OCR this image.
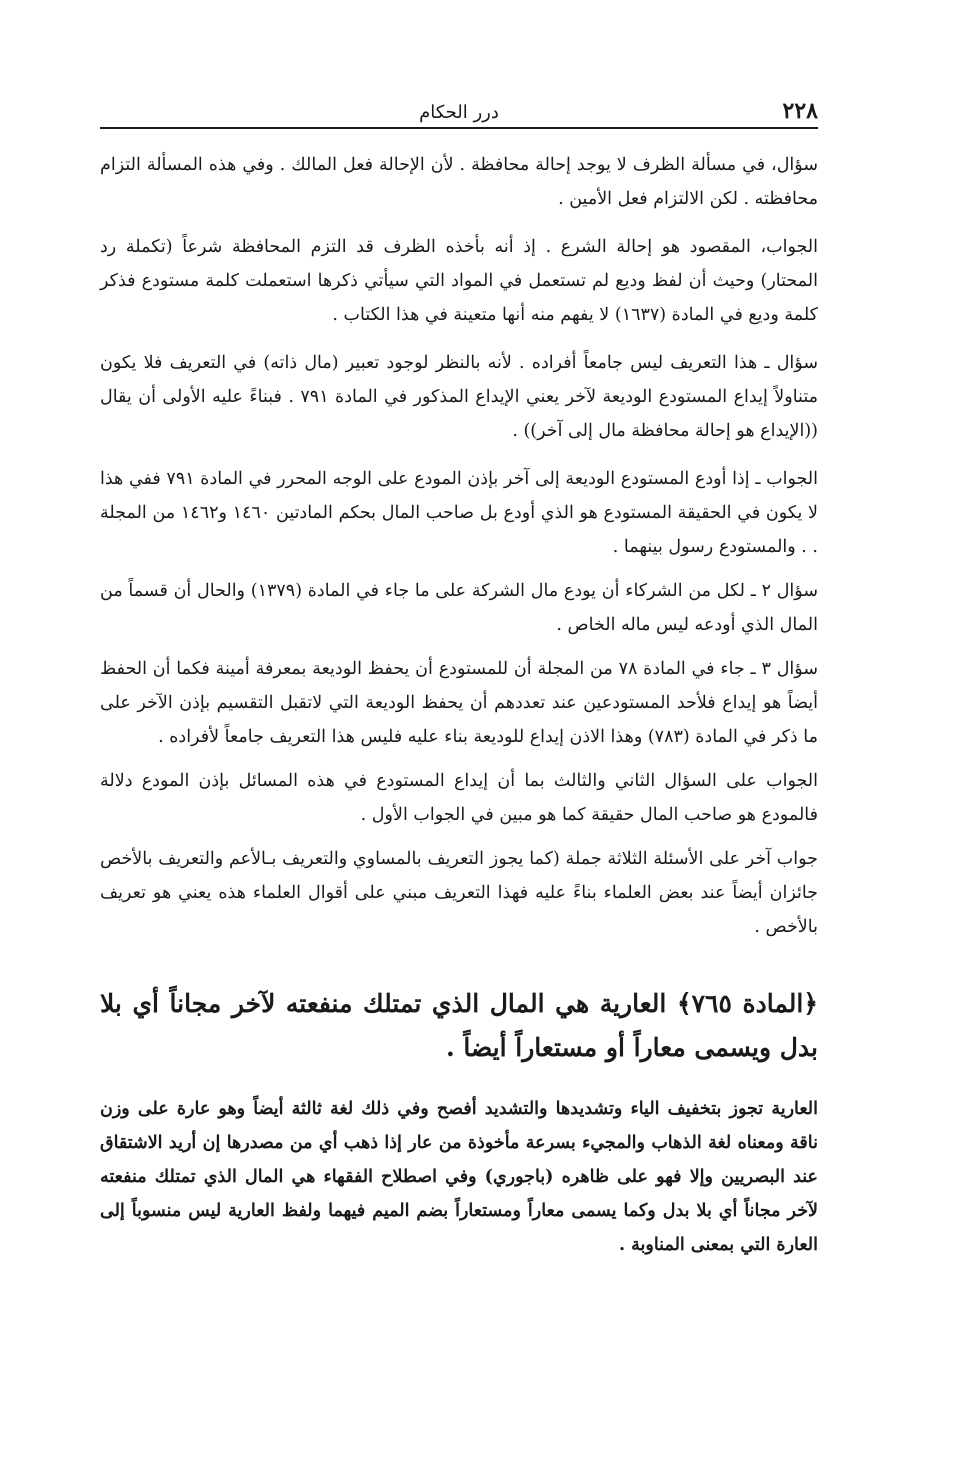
٢٢٨
درر الحكام

سؤال، في مسألة الظرف لا يوجد إحالة محافظة . لأن الإحالة فعل المالك . وفي هذه المسألة التزام محافظته . لكن الالتزام فعل الأمين .

الجواب، المقصود هو إحالة الشرع . إذ أنه بأخذه الظرف قد التزم المحافظة شرعاً (تكملة رد المحتار) وحيث أن لفظ وديع لم تستعمل في المواد التي سيأتي ذكرها استعملت كلمة مستودع فذكر كلمة وديع في المادة (١٦٣٧) لا يفهم منه أنها متعينة في هذا الكتاب .

سؤال ـ هذا التعريف ليس جامعاً أفراده . لأنه بالنظر لوجود تعبير (مال ذاته) في التعريف فلا يكون متناولاً إيداع المستودع الوديعة لآخر يعني الإيداع المذكور في المادة ٧٩١ . فبناءً عليه الأولى أن يقال ((الإيداع هو إحالة محافظة مال إلى آخر)) .

الجواب ـ إذا أودع المستودع الوديعة إلى آخر بإذن المودع على الوجه المحرر في المادة ٧٩١ ففي هذا لا يكون في الحقيقة المستودع هو الذي أودع بل صاحب المال بحكم المادتين ١٤٦٠ و١٤٦٢ من المجلة . . والمستودع رسول بينهما .

سؤال ٢ ـ لكل من الشركاء أن يودع مال الشركة على ما جاء في المادة (١٣٧٩) والحال أن قسماً من المال الذي أودعه ليس ماله الخاص .

سؤال ٣ ـ جاء في المادة ٧٨ من المجلة أن للمستودع أن يحفظ الوديعة بمعرفة أمينة فكما أن الحفظ أيضاً هو إيداع فلأحد المستودعين عند تعددهم أن يحفظ الوديعة التي لاتقبل التقسيم بإذن الآخر على ما ذكر في المادة (٧٨٣) وهذا الاذن إيداع للوديعة بناء عليه فليس هذا التعريف جامعاً لأفراده .

الجواب على السؤال الثاني والثالث بما أن إيداع المستودع في هذه المسائل بإذن المودع دلالة فالمودع هو صاحب المال حقيقة كما هو مبين في الجواب الأول .

جواب آخر على الأسئلة الثلاثة جملة (كما يجوز التعريف بالمساوي والتعريف بـالأعم والتعريف بالأخص جائزان أيضاً عند بعض العلماء بناءً عليه فهذا التعريف مبني على أقوال العلماء هذه يعني هو تعريف بالأخص .

﴿المادة ٧٦٥﴾ العارية هي المال الذي تمتلك منفعته لآخر مجاناً أي بلا بدل ويسمى معاراً أو مستعاراً أيضاً .

العارية تجوز بتخفيف الياء وتشديدها والتشديد أفصح وفي ذلك لغة ثالثة أيضاً وهو عارة على وزن ناقة ومعناه لغة الذهاب والمجيء بسرعة مأخوذة من عار إذا ذهب أي من مصدرها إن أريد الاشتقاق عند البصريين وإلا فهو على ظاهره (باجوري) وفي اصطلاح الفقهاء هي المال الذي تمتلك منفعته لآخر مجاناً أي بلا بدل وكما يسمى معاراً ومستعاراً بضم الميم فيهما ولفظ العارية ليس منسوباً إلى العارة التي بمعنى المناوبة .
